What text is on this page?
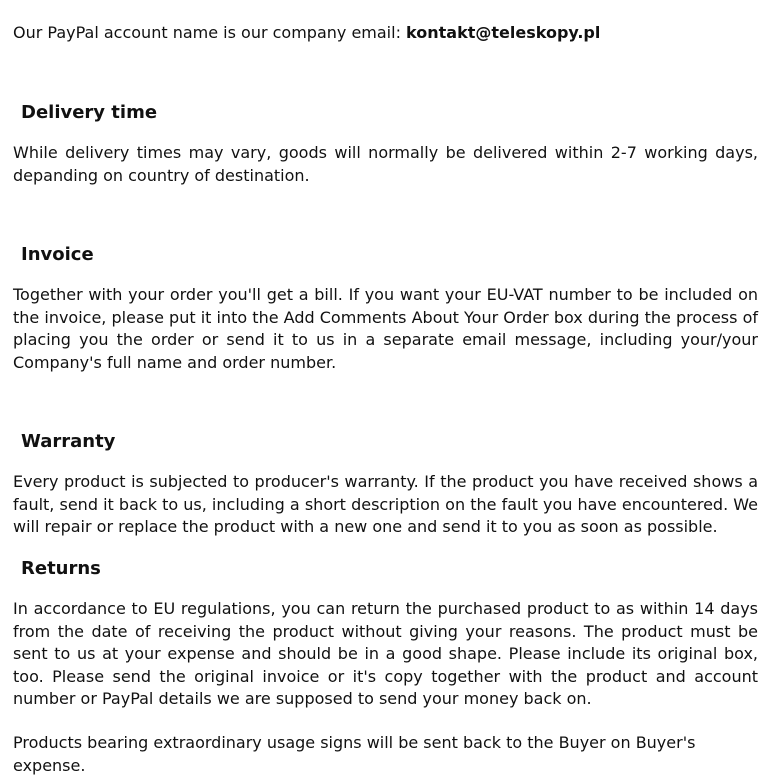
Our PayPal account name is our company email: kontakt@teleskopy.pl

Delivery time

While delivery times may vary, goods will normally be delivered within 2-7 working days, depanding on country of destination.

Invoice

Together with your order you'll get a bill. If you want your EU-VAT number to be included on the invoice, please put it into the Add Comments About Your Order box during the process of placing you the order or send it to us in a separate email message, including your/your Company's full name and order number.

Warranty

Every product is subjected to producer's warranty. If the product you have received shows a fault, send it back to us, including a short description on the fault you have encountered. We will repair or replace the product with a new one and send it to you as soon as possible.

Returns

In accordance to EU regulations, you can return the purchased product to as within 14 days from the date of receiving the product without giving your reasons. The product must be sent to us at your expense and should be in a good shape. Please include its original box, too. Please send the original invoice or it's copy together with the product and account number or PayPal details we are supposed to send your money back on.

Products bearing extraordinary usage signs will be sent back to the Buyer on Buyer's expense.
